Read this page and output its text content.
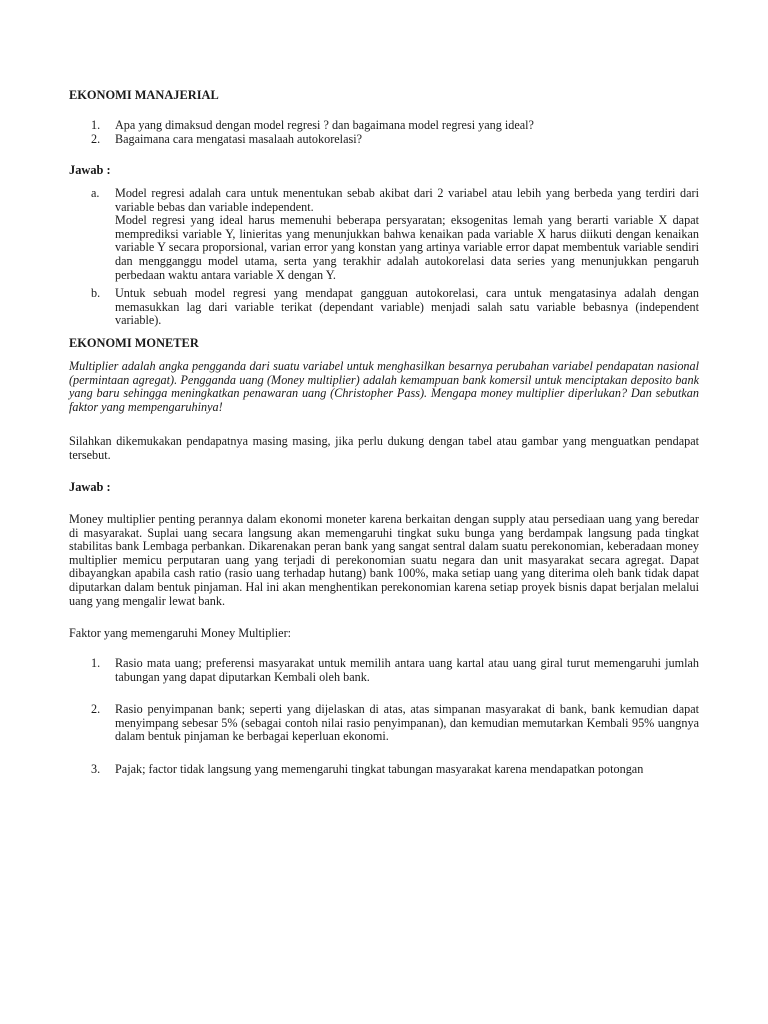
EKONOMI MANAJERIAL
1. Apa yang dimaksud dengan model regresi ? dan bagaimana model regresi yang ideal?
2. Bagaimana cara mengatasi masalaah autokorelasi?
Jawab :
a. Model regresi adalah cara untuk menentukan sebab akibat dari 2 variabel atau lebih yang berbeda yang terdiri dari variable bebas dan variable independent.

Model regresi yang ideal harus memenuhi beberapa persyaratan; eksogenitas lemah yang berarti variable X dapat memprediksi variable Y, linieritas yang menunjukkan bahwa kenaikan pada variable X harus diikuti dengan kenaikan variable Y secara proporsional, varian error yang konstan yang artinya variable error dapat membentuk variable sendiri dan mengganggu model utama, serta yang terakhir adalah autokorelasi data series yang menunjukkan pengaruh perbedaan waktu antara variable X dengan Y.

b. Untuk sebuah model regresi yang mendapat gangguan autokorelasi, cara untuk mengatasinya adalah dengan memasukkan lag dari variable terikat (dependant variable) menjadi salah satu variable bebasnya (independent variable).

EKONOMI MONETER

Multiplier adalah angka pengganda dari suatu variabel untuk menghasilkan besarnya perubahan variabel pendapatan nasional (permintaan agregat). Pengganda uang (Money multiplier) adalah kemampuan bank komersil untuk menciptakan deposito bank yang baru sehingga meningkatkan penawaran uang (Christopher Pass). Mengapa money multiplier diperlukan? Dan sebutkan faktor yang mempengaruhinya!

Silahkan dikemukakan pendapatnya masing masing, jika perlu dukung dengan tabel atau gambar yang menguatkan pendapat tersebut.

Jawab :

Money multiplier penting perannya dalam ekonomi moneter karena berkaitan dengan supply atau persediaan uang yang beredar di masyarakat. Suplai uang secara langsung akan memengaruhi tingkat suku bunga yang berdampak langsung pada tingkat stabilitas bank Lembaga perbankan. Dikarenakan peran bank yang sangat sentral dalam suatu perekonomian, keberadaan money multiplier memicu perputaran uang yang terjadi di perekonomian suatu negara dan unit masyarakat secara agregat. Dapat dibayangkan apabila cash ratio (rasio uang terhadap hutang) bank 100%, maka setiap uang yang diterima oleh bank tidak dapat diputarkan dalam bentuk pinjaman. Hal ini akan menghentikan perekonomian karena setiap proyek bisnis dapat berjalan melalui uang yang mengalir lewat bank.

Faktor yang memengaruhi Money Multiplier:
1. Rasio mata uang; preferensi masyarakat untuk memilih antara uang kartal atau uang giral turut memengaruhi jumlah tabungan yang dapat diputarkan Kembali oleh bank.
2. Rasio penyimpanan bank; seperti yang dijelaskan di atas, atas simpanan masyarakat di bank, bank kemudian dapat menyimpang sebesar 5% (sebagai contoh nilai rasio penyimpanan), dan kemudian memutarkan Kembali 95% uangnya dalam bentuk pinjaman ke berbagai keperluan ekonomi.
3. Pajak; factor tidak langsung yang memengaruhi tingkat tabungan masyarakat karena mendapatkan potongan
